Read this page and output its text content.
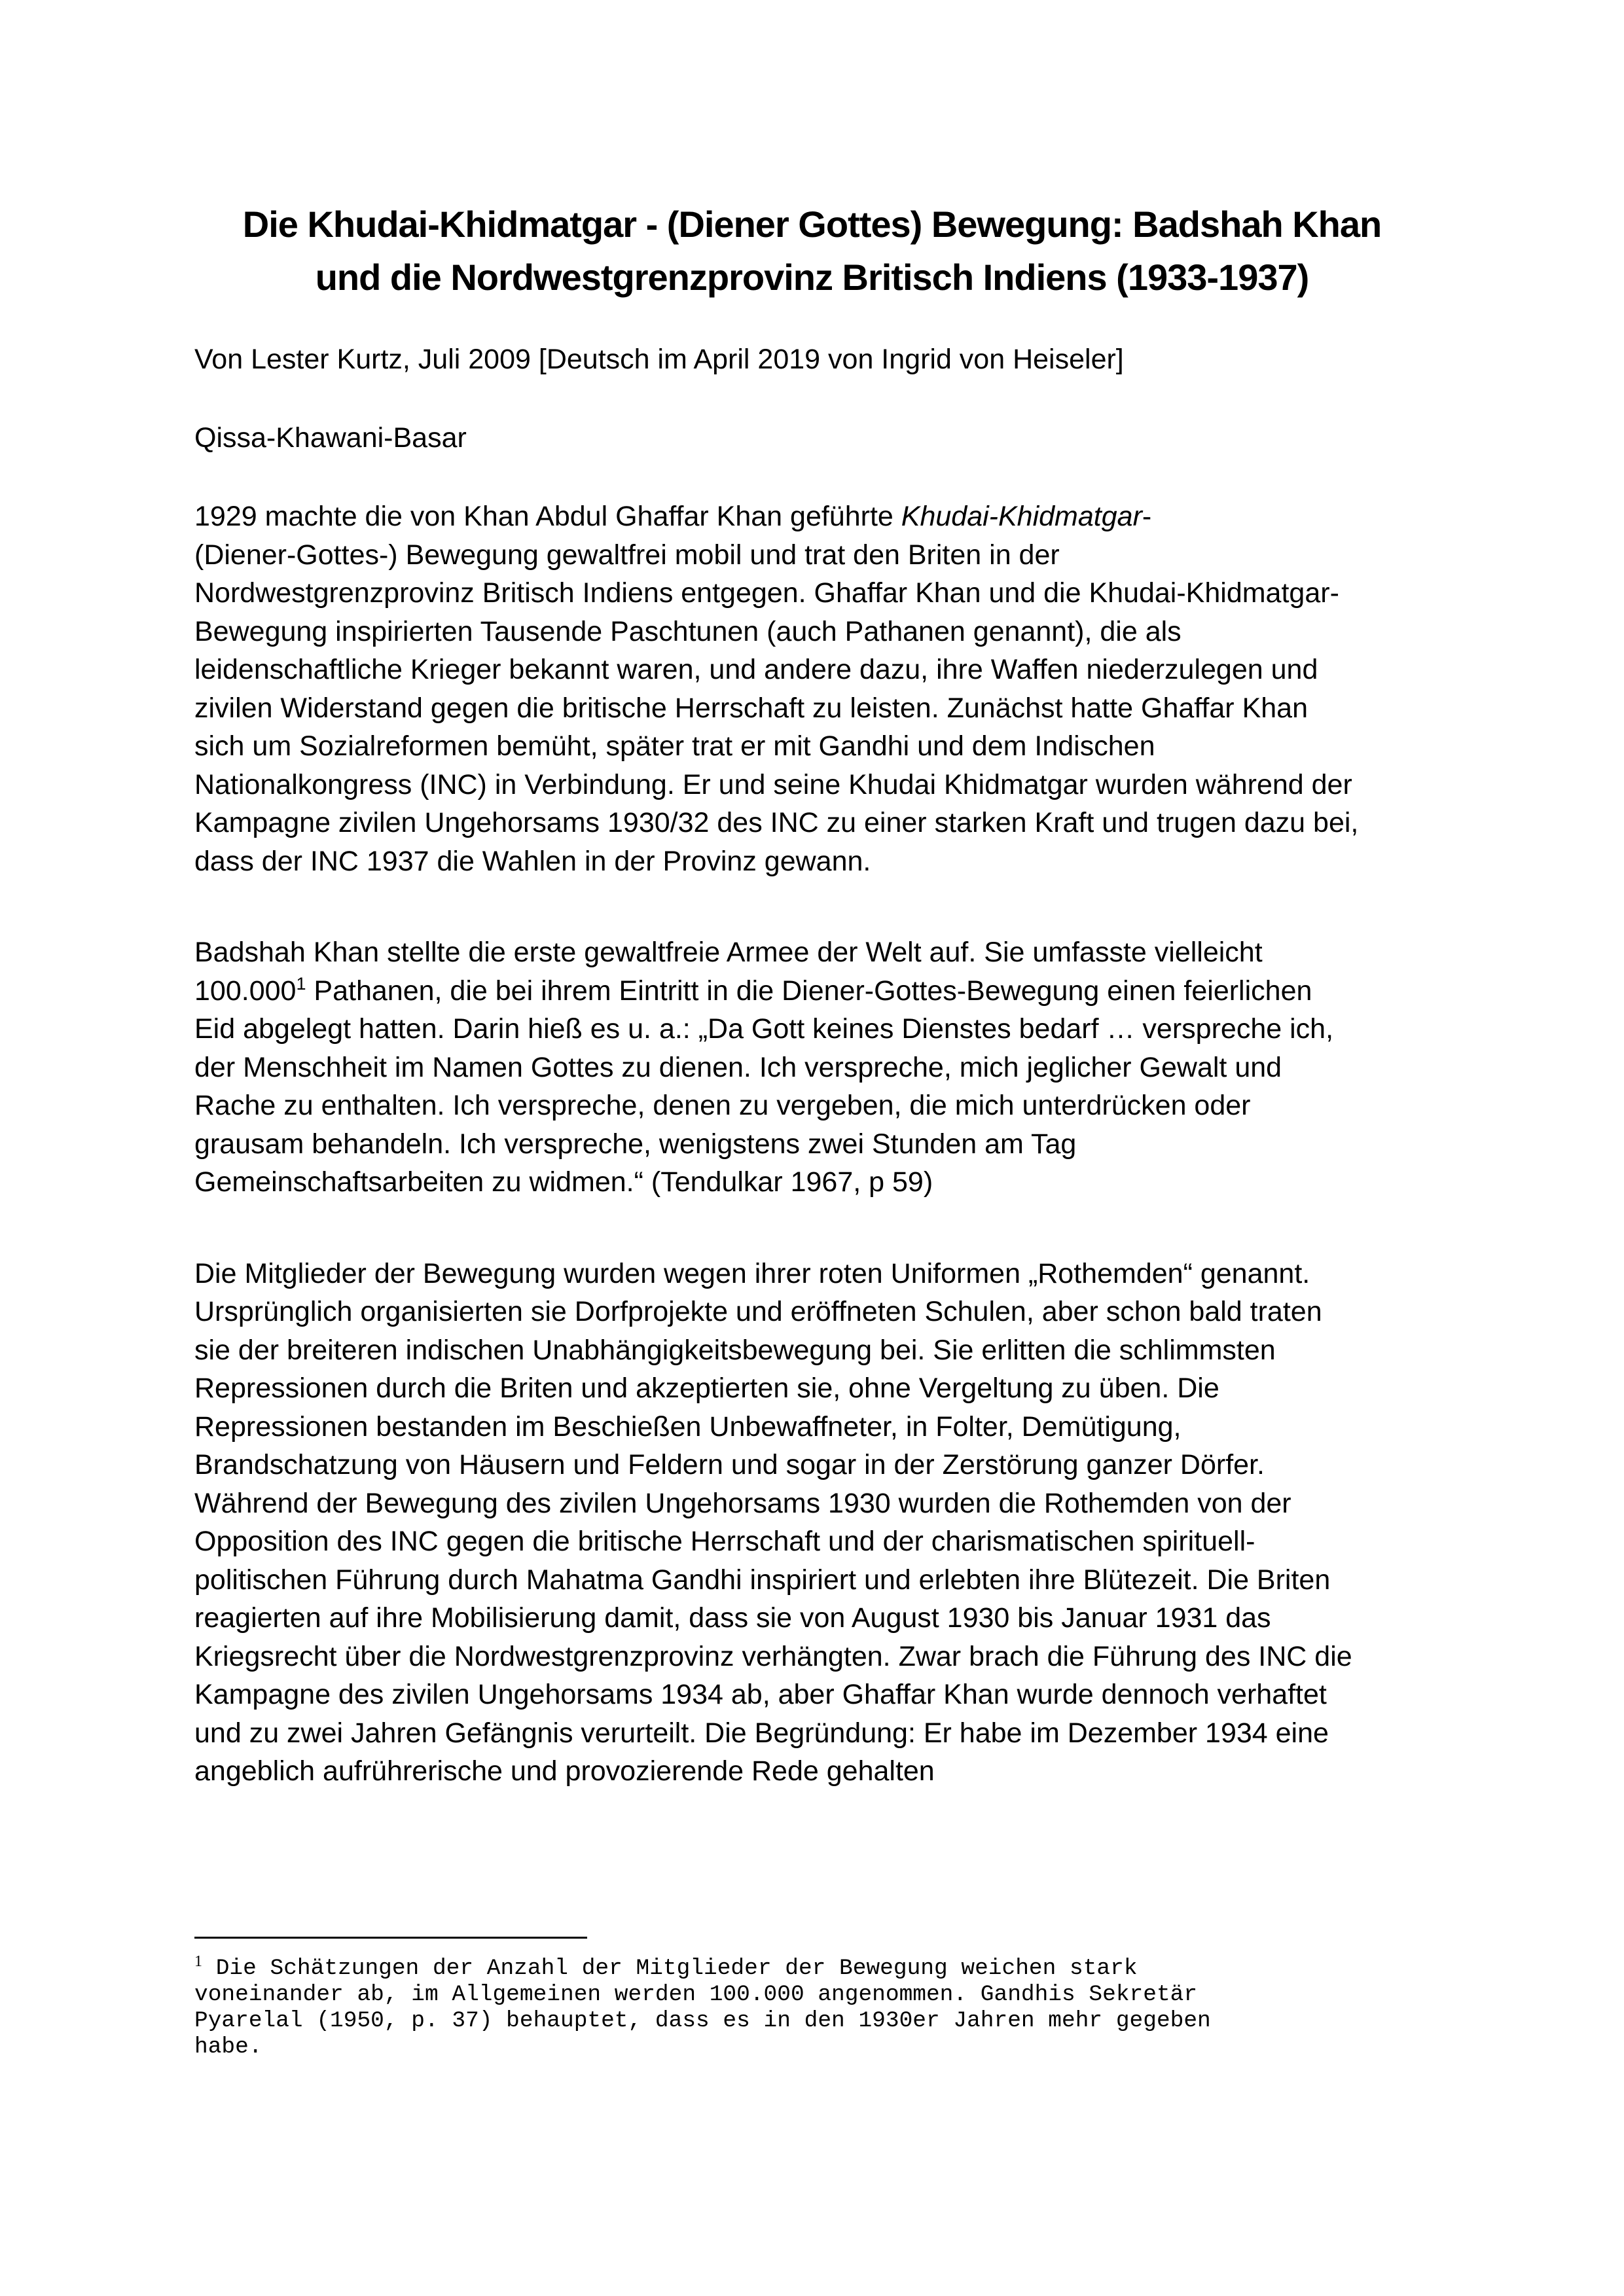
Die Khudai-Khidmatgar - (Diener Gottes) Bewegung: Badshah Khan und die Nordwestgrenzprovinz Britisch Indiens (1933-1937)
Von Lester Kurtz, Juli 2009 [Deutsch im April 2019 von Ingrid von Heiseler]
Qissa-Khawani-Basar

1929 machte die von Khan Abdul Ghaffar Khan geführte Khudai-Khidmatgar-
(Diener-Gottes-) Bewegung gewaltfrei mobil und trat den Briten in der
Nordwestgrenzprovinz Britisch Indiens entgegen. Ghaffar Khan und die Khudai-Khidmatgar-
Bewegung inspirierten Tausende Paschtunen (auch Pathanen genannt), die als
leidenschaftliche Krieger bekannt waren, und andere dazu, ihre Waffen niederzulegen und
zivilen Widerstand gegen die britische Herrschaft zu leisten. Zunächst hatte Ghaffar Khan
sich um Sozialreformen bemüht, später trat er mit Gandhi und dem Indischen
Nationalkongress (INC) in Verbindung. Er und seine Khudai Khidmatgar wurden während der
Kampagne zivilen Ungehorsams 1930/32 des INC zu einer starken Kraft und trugen dazu bei,
dass der INC 1937 die Wahlen in der Provinz gewann.

Badshah Khan stellte die erste gewaltfreie Armee der Welt auf. Sie umfasste vielleicht
100.000$^1$ Pathanen, die bei ihrem Eintritt in die Diener-Gottes-Bewegung einen feierlichen
Eid abgelegt hatten. Darin hieß es u. a.: „Da Gott keines Dienstes bedarf … verspreche ich,
der Menschheit im Namen Gottes zu dienen. Ich verspreche, mich jeglicher Gewalt und
Rache zu enthalten. Ich verspreche, denen zu vergeben, die mich unterdrücken oder
grausam behandeln. Ich verspreche, wenigstens zwei Stunden am Tag
Gemeinschaftsarbeiten zu widmen.“ (Tendulkar 1967, p 59)

Die Mitglieder der Bewegung wurden wegen ihrer roten Uniformen „Rothemden“ genannt.
Ursprünglich organisierten sie Dorfprojekte und eröffneten Schulen, aber schon bald traten
sie der breiteren indischen Unabhängigkeitsbewegung bei. Sie erlitten die schlimmsten
Repressionen durch die Briten und akzeptierten sie, ohne Vergeltung zu üben. Die
Repressionen bestanden im Beschießen Unbewaffneter, in Folter, Demütigung,
Brandschatzung von Häusern und Feldern und sogar in der Zerstörung ganzer Dörfer.
Während der Bewegung des zivilen Ungehorsams 1930 wurden die Rothemden von der
Opposition des INC gegen die britische Herrschaft und der charismatischen spirituell-
politischen Führung durch Mahatma Gandhi inspiriert und erlebten ihre Blütezeit. Die Briten
reagierten auf ihre Mobilisierung damit, dass sie von August 1930 bis Januar 1931 das
Kriegsrecht über die Nordwestgrenzprovinz verhängten. Zwar brach die Führung des INC die
Kampagne des zivilen Ungehorsams 1934 ab, aber Ghaffar Khan wurde dennoch verhaftet
und zu zwei Jahren Gefängnis verurteilt. Die Begründung: Er habe im Dezember 1934 eine
angeblich aufrührerische und provozierende Rede gehalten

$^1$ Die Schätzungen der Anzahl der Mitglieder der Bewegung weichen stark
voneinander ab, im Allgemeinen werden 100.000 angenommen. Gandhis Sekretär
Pyarelal (1950, p. 37) behauptet, dass es in den 1930er Jahren mehr gegeben
habe.
